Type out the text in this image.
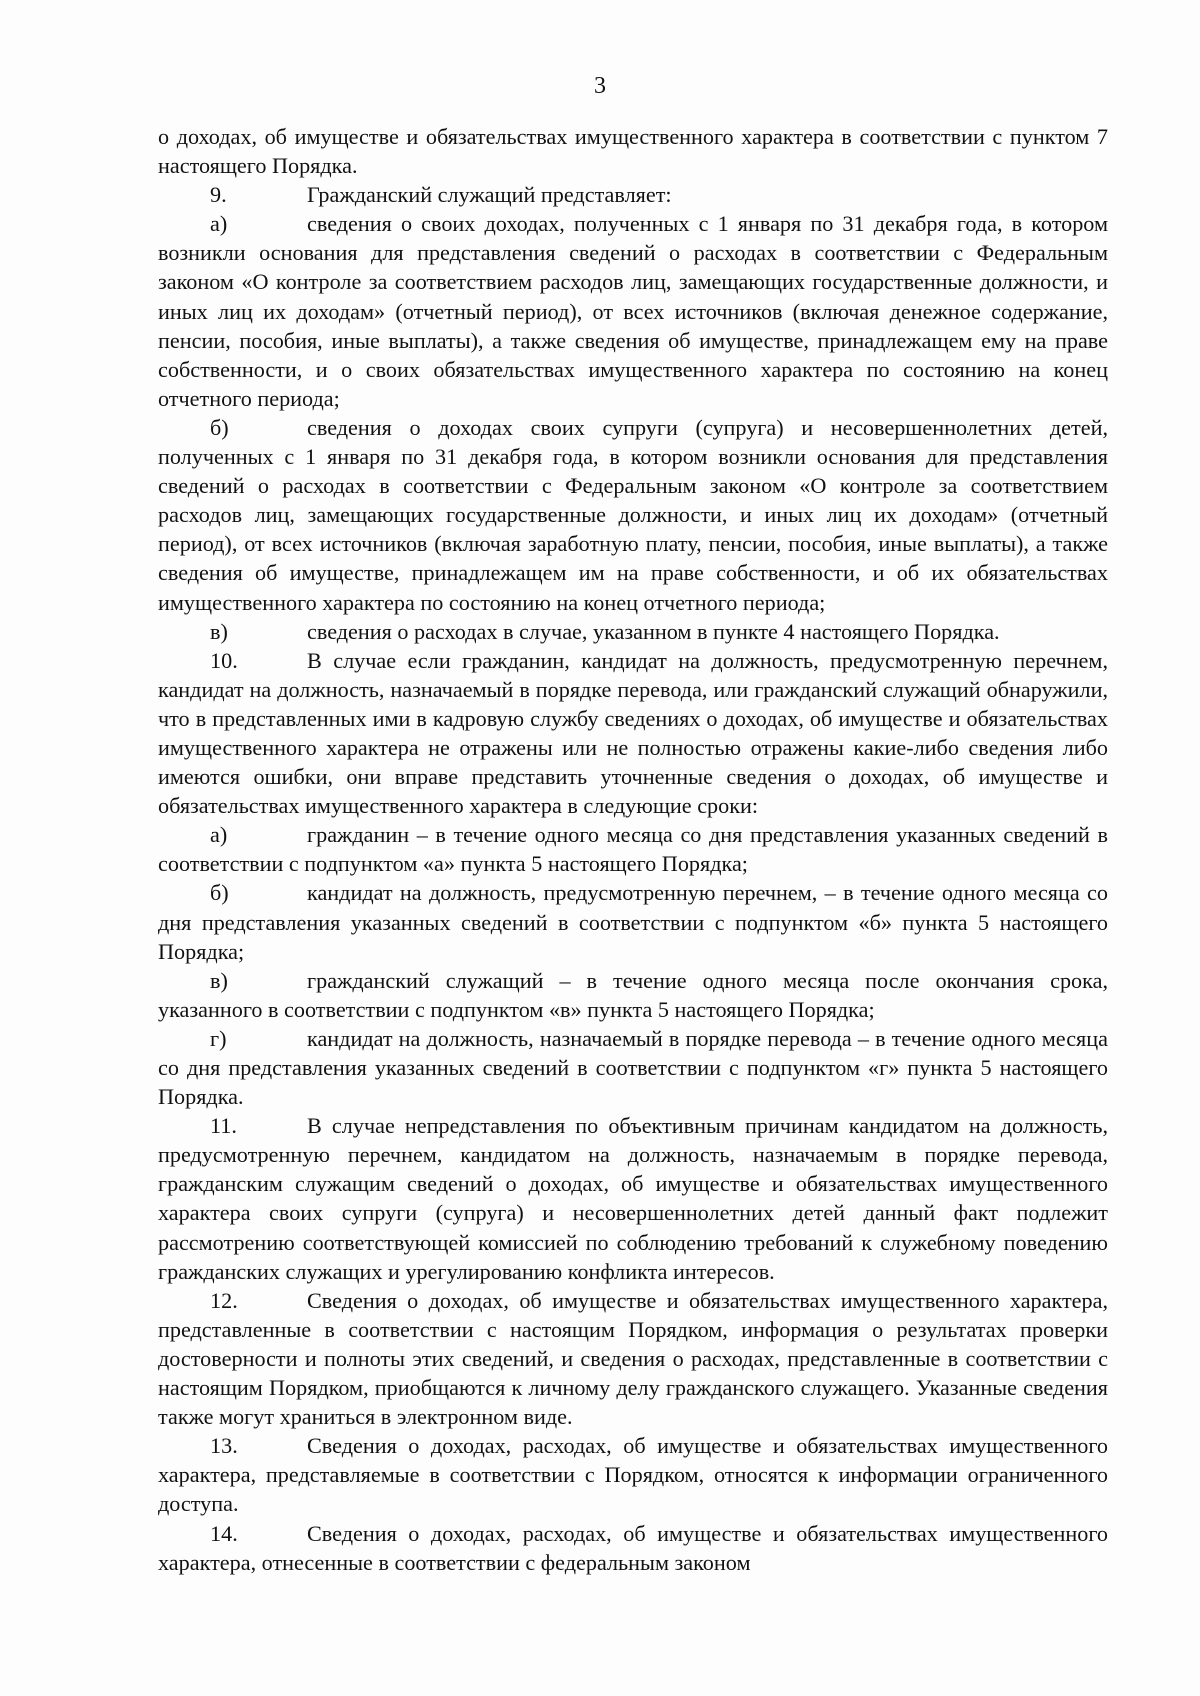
3

о доходах, об имуществе и обязательствах имущественного характера в соответствии с пунктом 7 настоящего Порядка.

9.	Гражданский служащий представляет:

а)	сведения о своих доходах, полученных с 1 января по 31 декабря года, в котором возникли основания для представления сведений о расходах в соответствии с Федеральным законом «О контроле за соответствием расходов лиц, замещающих государственные должности, и иных лиц их доходам» (отчетный период), от всех источников (включая денежное содержание, пенсии, пособия, иные выплаты), а также сведения об имуществе, принадлежащем ему на праве собственности, и о своих обязательствах имущественного характера по состоянию на конец отчетного периода;

б)	сведения о доходах своих супруги (супруга) и несовершеннолетних детей, полученных с 1 января по 31 декабря года, в котором возникли основания для представления сведений о расходах в соответствии с Федеральным законом «О контроле за соответствием расходов лиц, замещающих государственные должности, и иных лиц их доходам» (отчетный период), от всех источников (включая заработную плату, пенсии, пособия, иные выплаты), а также сведения об имуществе, принадлежащем им на праве собственности, и об их обязательствах имущественного характера по состоянию на конец отчетного периода;

в)	сведения о расходах в случае, указанном в пункте 4 настоящего Порядка.

10.	В случае если гражданин, кандидат на должность, предусмотренную перечнем, кандидат на должность, назначаемый в порядке перевода, или гражданский служащий обнаружили, что в представленных ими в кадровую службу сведениях о доходах, об имуществе и обязательствах имущественного характера не отражены или не полностью отражены какие-либо сведения либо имеются ошибки, они вправе представить уточненные сведения о доходах, об имуществе и обязательствах имущественного характера в следующие сроки:

а)	гражданин – в течение одного месяца со дня представления указанных сведений в соответствии с подпунктом «а» пункта 5 настоящего Порядка;

б)	кандидат на должность, предусмотренную перечнем, – в течение одного месяца со дня представления указанных сведений в соответствии с подпунктом «б» пункта 5 настоящего Порядка;

в)	гражданский служащий – в течение одного месяца после окончания срока, указанного в соответствии с подпунктом «в» пункта 5 настоящего Порядка;

г)	кандидат на должность, назначаемый в порядке перевода – в течение одного месяца со дня представления указанных сведений в соответствии с подпунктом «г» пункта 5 настоящего Порядка.

11.	В случае непредставления по объективным причинам кандидатом на должность, предусмотренную перечнем, кандидатом на должность, назначаемым в порядке перевода, гражданским служащим сведений о доходах, об имуществе и обязательствах имущественного характера своих супруги (супруга) и несовершеннолетних детей данный факт подлежит рассмотрению соответствующей комиссией по соблюдению требований к служебному поведению гражданских служащих и урегулированию конфликта интересов.

12.	Сведения о доходах, об имуществе и обязательствах имущественного характера, представленные в соответствии с настоящим Порядком, информация о результатах проверки достоверности и полноты этих сведений, и сведения о расходах, представленные в соответствии с настоящим Порядком, приобщаются к личному делу гражданского служащего. Указанные сведения также могут храниться в электронном виде.

13.	Сведения о доходах, расходах, об имуществе и обязательствах имущественного характера, представляемые в соответствии с Порядком, относятся к информации ограниченного доступа.

14.	Сведения о доходах, расходах, об имуществе и обязательствах имущественного характера, отнесенные в соответствии с федеральным законом
